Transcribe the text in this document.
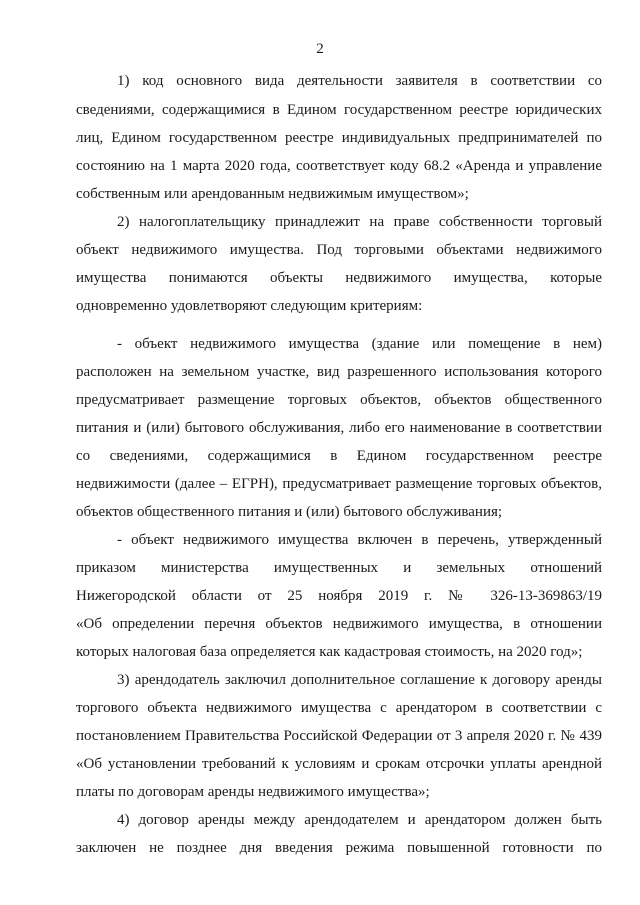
2
1) код основного вида деятельности заявителя в соответствии со
сведениями, содержащимися в Едином государственном реестре юридических
лиц, Едином государственном реестре индивидуальных предпринимателей по
состоянию на 1 марта 2020 года, соответствует коду 68.2 «Аренда и управление
собственным или арендованным недвижимым имуществом»;
2) налогоплательщику принадлежит на праве собственности торговый
объект недвижимого имущества. Под торговыми объектами недвижимого
имущества понимаются объекты недвижимого имущества, которые
одновременно удовлетворяют следующим критериям:
- объект недвижимого имущества (здание или помещение в нем)
расположен на земельном участке, вид разрешенного использования которого
предусматривает размещение торговых объектов, объектов общественного
питания и (или) бытового обслуживания, либо его наименование в соответствии
со сведениями, содержащимися в Едином государственном реестре
недвижимости (далее – ЕГРН), предусматривает размещение торговых объектов,
объектов общественного питания и (или) бытового обслуживания;
- объект недвижимого имущества включен в перечень, утвержденный
приказом министерства имущественных и земельных отношений
Нижегородской области от 25 ноября 2019 г. № 326-13-369863/19
«Об определении перечня объектов недвижимого имущества, в отношении
которых налоговая база определяется как кадастровая стоимость, на 2020 год»;
3) арендодатель заключил дополнительное соглашение к договору аренды
торгового объекта недвижимого имущества с арендатором в соответствии с
постановлением Правительства Российской Федерации от 3 апреля 2020 г. № 439
«Об установлении требований к условиям и срокам отсрочки уплаты арендной
платы по договорам аренды недвижимого имущества»;
4) договор аренды между арендодателем и арендатором должен быть
заключен не позднее дня введения режима повышенной готовности по
